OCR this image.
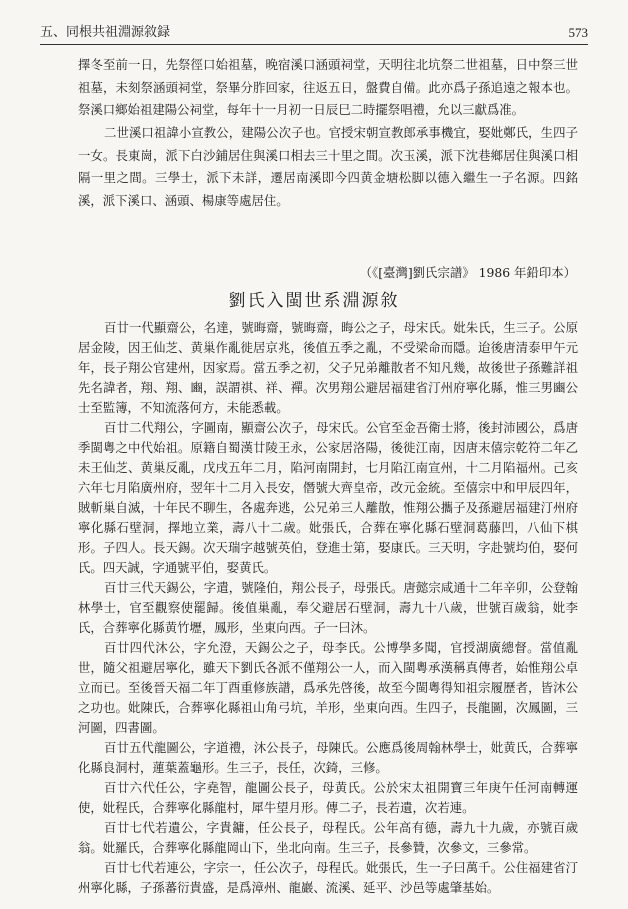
五、同根共祖淵源敘録	573

擇冬至前一日，先祭徑口始祖墓，晚宿溪口涵頭祠堂，天明往北坑祭二世祖墓，日中祭三世祖墓，未刻祭涵頭祠堂，祭畢分胙回家，往返五日，盤費自備。此亦爲子孫追遠之報本也。祭溪口鄉始祖建陽公祠堂，每年十一月初一日辰巳二時擺祭唱禮，允以三獻爲准。

二世溪口祖諱小宣教公，建陽公次子也。官授宋朝宣教郎承事機宜，娶妣鄭氏，生四子一女。長東崗，派下白沙鋪居住與溪口相去三十里之間。次玉溪，派下沈巷鄉居住與溪口相隔一里之間。三學士，派下未詳，遷居南溪即今四黄金塘松脚以德入繼生一子名源。四銘溪，派下溪口、涵頭、楊康等處居住。

（《[臺灣]劉氏宗譜》 1986 年鉛印本）
劉氏入閩世系淵源敘

百廿一代顯齋公，名達，號晦齋，號晦齋，晦公之子，母宋氏。妣朱氏，生三子。公原居金陵，因王仙芝、黄巢作亂徙居京兆，後值五季之亂，不受梁命而隱。迨後唐清泰甲午元年，長子翔公官建州，因家焉。當五季之初，父子兄弟離散者不知凡幾，故後世子孫難詳祖先名諱者，翔、翔、豳，誤謂祺、祥、禪。次男翔公避居福建省汀州府寧化縣，惟三男豳公士至監簿，不知流落何方，未能悉載。

百廿二代翔公，字圖南，顯齋公次子，母宋氏。公官至金吾衛士將，後封沛國公，爲唐季閩粵之中代始祖。原籍自蜀漢廿陵王永，公家居洛陽，後徙江南，因唐末僖宗乾符二年乙未王仙芝、黄巢反亂，戊戌五年二月，陷河南開封，七月陷江南宣州，十二月陷福州。己亥六年七月陷廣州府，翌年十二月入長安，僭號大齊皇帝，改元金統。至僖宗中和甲辰四年，賊斬巢自滅，十年民不聊生，各處奔逃，公兄弟三人離散，惟翔公攜子及孫避居福建汀州府寧化縣石壁洞，擇地立業，壽八十二歲。妣張氏，合葬在寧化縣石壁洞葛藤凹，八仙下棋形。子四人。長天錫。次天瑞字越號英伯，登進士第，娶康氏。三天明，字赴號均伯，娶何氏。四天誠，字通號平伯，娶黄氏。

百廿三代天錫公，字遣，號隆伯，翔公長子，母張氏。唐懿宗咸通十二年辛卯，公登翰林學士，官至觀察使罷歸。後值巢亂，奉父避居石壁洞，壽九十八歲，世號百歲翁，妣李氏，合葬寧化縣黄竹壢，鳳形，坐東向西。子一曰沐。

百廿四代沐公，字允澄，天錫公之子，母李氏。公博學多聞，官授湖廣總督。當值亂世，隨父祖避居寧化，雖天下劉氏各派不僅翔公一人，而入閩粵承漢稱真傳者，始惟翔公卓立而已。至後晉天福二年丁酉重修族譜，爲承先啓後，故至今閩粵得知祖宗履歷者，皆沐公之功也。妣陳氏，合葬寧化縣祖山角弓坑，羊形，坐東向西。生四子，長龍圖，次鳳圖，三河圖，四書圖。

百廿五代龍圖公，字道禮，沐公長子，母陳氏。公應爲後周翰林學士，妣黄氏，合葬寧化縣良洞村，蓮葉蓋龜形。生三子，長任，次錡，三修。

百廿六代任公，字堯智，龍圖公長子，母黄氏。公於宋太祖開寶三年庚午任河南轉運使，妣程氏，合葬寧化縣龍村，犀牛望月形。傳二子，長若遺，次若連。

百廿七代若遺公，字貴鏞，任公長子，母程氏。公年高有德，壽九十九歲，亦號百歲翁。妣羅氏，合葬寧化縣龍岡山下，坐北向南。生三子，長參贊，次參文，三參常。

百廿七代若連公，字宗一，任公次子，母程氏。妣張氏，生一子曰萬千。公住福建省汀州寧化縣，子孫蕃衍貴盛，是爲漳州、龍巖、流溪、延平、沙邑等處肇基始。
